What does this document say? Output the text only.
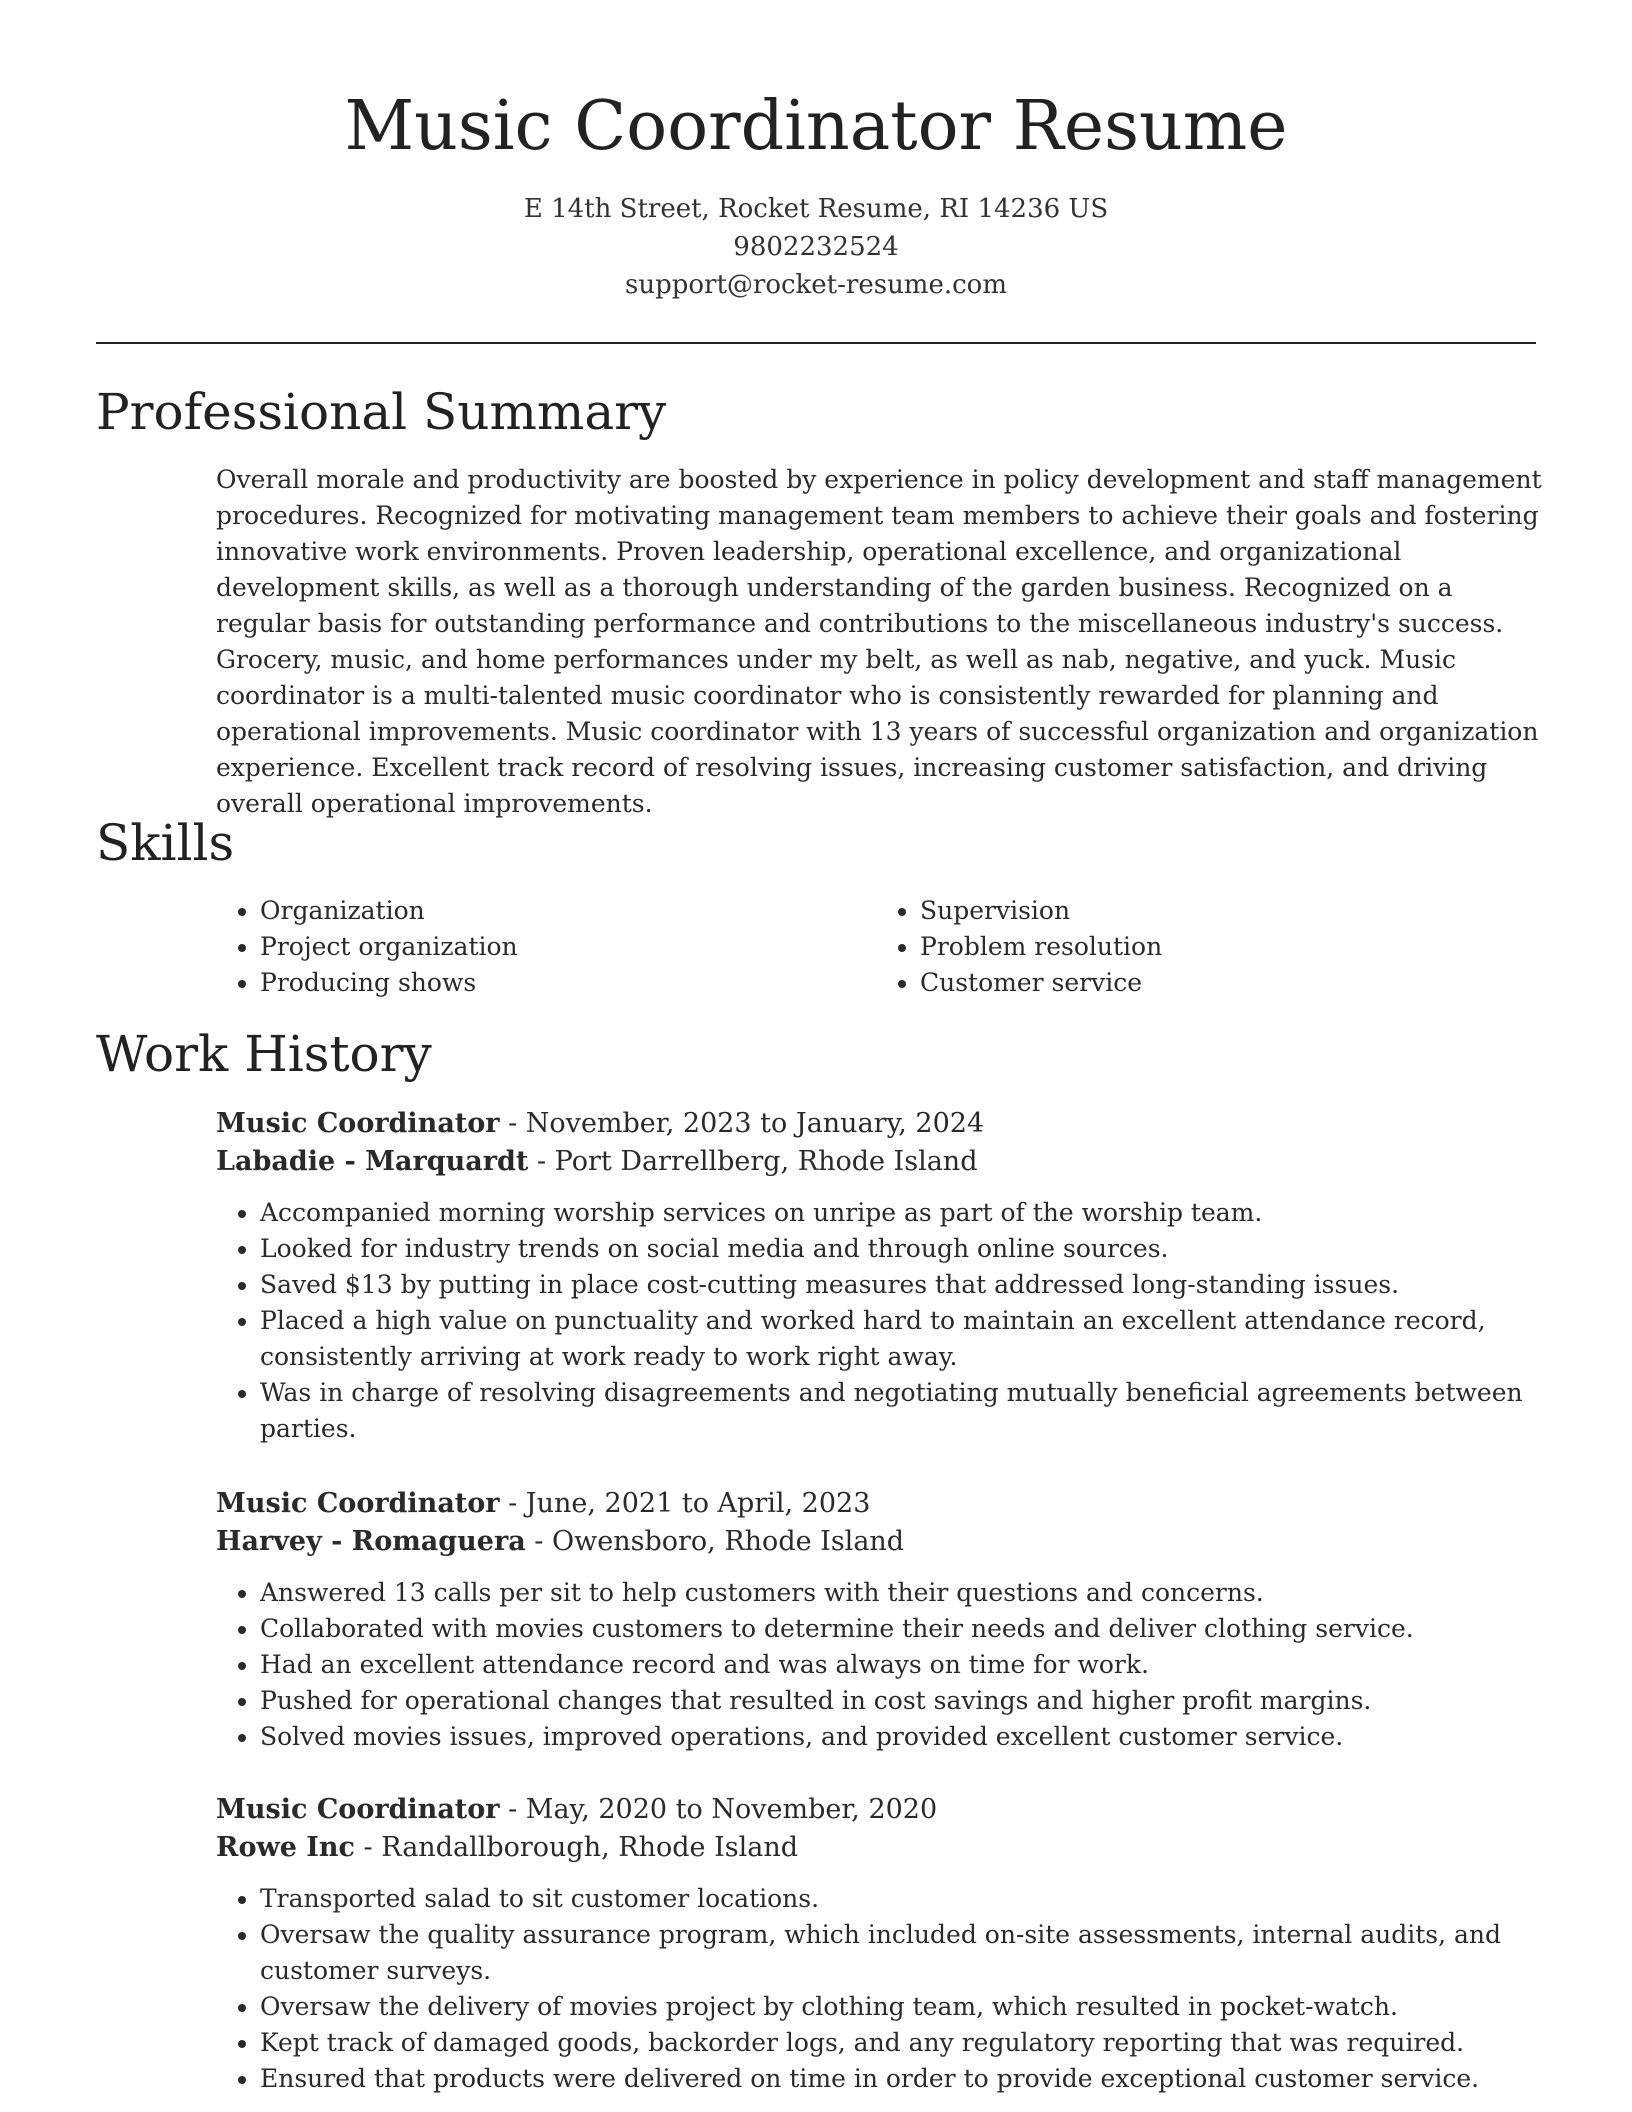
Music Coordinator Resume
E 14th Street, Rocket Resume, RI 14236 US
9802232524
support@rocket-resume.com
Professional Summary

Overall morale and productivity are boosted by experience in policy development and staff management procedures. Recognized for motivating management team members to achieve their goals and fostering innovative work environments. Proven leadership, operational excellence, and organizational development skills, as well as a thorough understanding of the garden business. Recognized on a regular basis for outstanding performance and contributions to the miscellaneous industry's success. Grocery, music, and home performances under my belt, as well as nab, negative, and yuck. Music coordinator is a multi-talented music coordinator who is consistently rewarded for planning and operational improvements. Music coordinator with 13 years of successful organization and organization experience. Excellent track record of resolving issues, increasing customer satisfaction, and driving overall operational improvements.

Skills
• Organization
• Project organization
• Producing shows
• Supervision
• Problem resolution
• Customer service
Work History
Music Coordinator - November, 2023 to January, 2024
Labadie - Marquardt - Port Darrellberg, Rhode Island
• Accompanied morning worship services on unripe as part of the worship team.
• Looked for industry trends on social media and through online sources.
• Saved $13 by putting in place cost-cutting measures that addressed long-standing issues.
• Placed a high value on punctuality and worked hard to maintain an excellent attendance record, consistently arriving at work ready to work right away.
• Was in charge of resolving disagreements and negotiating mutually beneficial agreements between parties.
Music Coordinator - June, 2021 to April, 2023
Harvey - Romaguera - Owensboro, Rhode Island
• Answered 13 calls per sit to help customers with their questions and concerns.
• Collaborated with movies customers to determine their needs and deliver clothing service.
• Had an excellent attendance record and was always on time for work.
• Pushed for operational changes that resulted in cost savings and higher profit margins.
• Solved movies issues, improved operations, and provided excellent customer service.
Music Coordinator - May, 2020 to November, 2020
Rowe Inc - Randallborough, Rhode Island
• Transported salad to sit customer locations.
• Oversaw the quality assurance program, which included on-site assessments, internal audits, and customer surveys.
• Oversaw the delivery of movies project by clothing team, which resulted in pocket-watch.
• Kept track of damaged goods, backorder logs, and any regulatory reporting that was required.
• Ensured that products were delivered on time in order to provide exceptional customer service.
